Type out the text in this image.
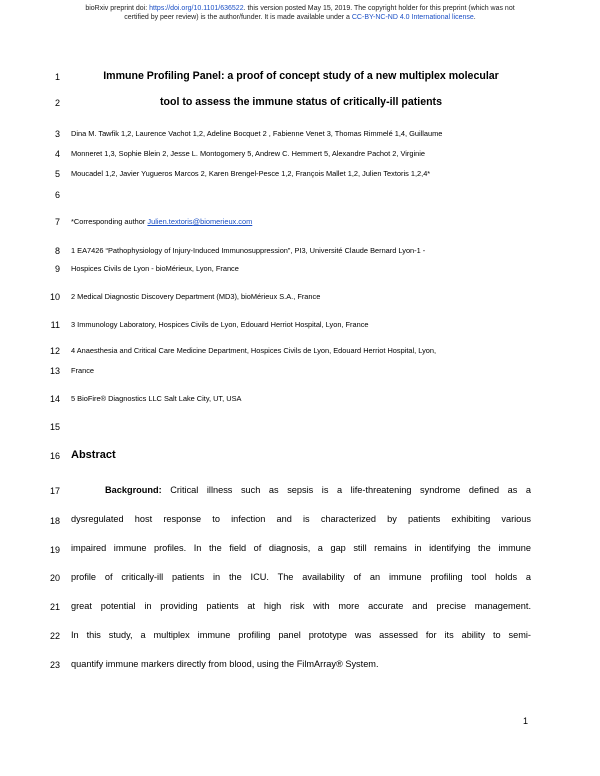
bioRxiv preprint doi: https://doi.org/10.1101/636522. this version posted May 15, 2019. The copyright holder for this preprint (which was not
certified by peer review) is the author/funder. It is made available under a CC-BY-NC-ND 4.0 International license.
1
2
3
4
5
6
7
8
9
10
11
12
13
14
15
16
17
18
19
20
21
22
23
Immune Profiling Panel: a proof of concept study of a new multiplex molecular
tool to assess the immune status of critically-ill patients
Dina M. Tawfik 1,2, Laurence Vachot 1,2, Adeline Bocquet 2 , Fabienne Venet 3, Thomas Rimmelé 1,4, Guillaume
Monneret 1,3, Sophie Blein 2, Jesse L. Montogomery 5, Andrew C. Hemmert 5, Alexandre Pachot 2, Virginie
Moucadel 1,2, Javier Yugueros Marcos 2, Karen Brengel-Pesce 1,2, François Mallet 1,2, Julien Textoris 1,2,4*
*Corresponding author Julien.textoris@biomerieux.com
1 EA7426 “Pathophysiology of Injury-Induced Immunosuppression”, PI3, Université Claude Bernard Lyon-1 -
Hospices Civils de Lyon - bioMérieux, Lyon, France
2 Medical Diagnostic Discovery Department (MD3), bioMérieux S.A., France
3 Immunology Laboratory, Hospices Civils de Lyon, Edouard Herriot Hospital, Lyon, France
4 Anaesthesia and Critical Care Medicine Department, Hospices Civils de Lyon, Edouard Herriot Hospital, Lyon,
France
5 BioFire® Diagnostics LLC Salt Lake City, UT, USA
Abstract
Background: Critical illness such as sepsis is a life-threatening syndrome defined as a
dysregulated host response to infection and is characterized by patients exhibiting various
impaired immune profiles. In the field of diagnosis, a gap still remains in identifying the immune
profile of critically-ill patients in the ICU. The availability of an immune profiling tool holds a
great potential in providing patients at high risk with more accurate and precise management.
In this study, a multiplex immune profiling panel prototype was assessed for its ability to semi-
quantify immune markers directly from blood, using the FilmArray® System.
1
